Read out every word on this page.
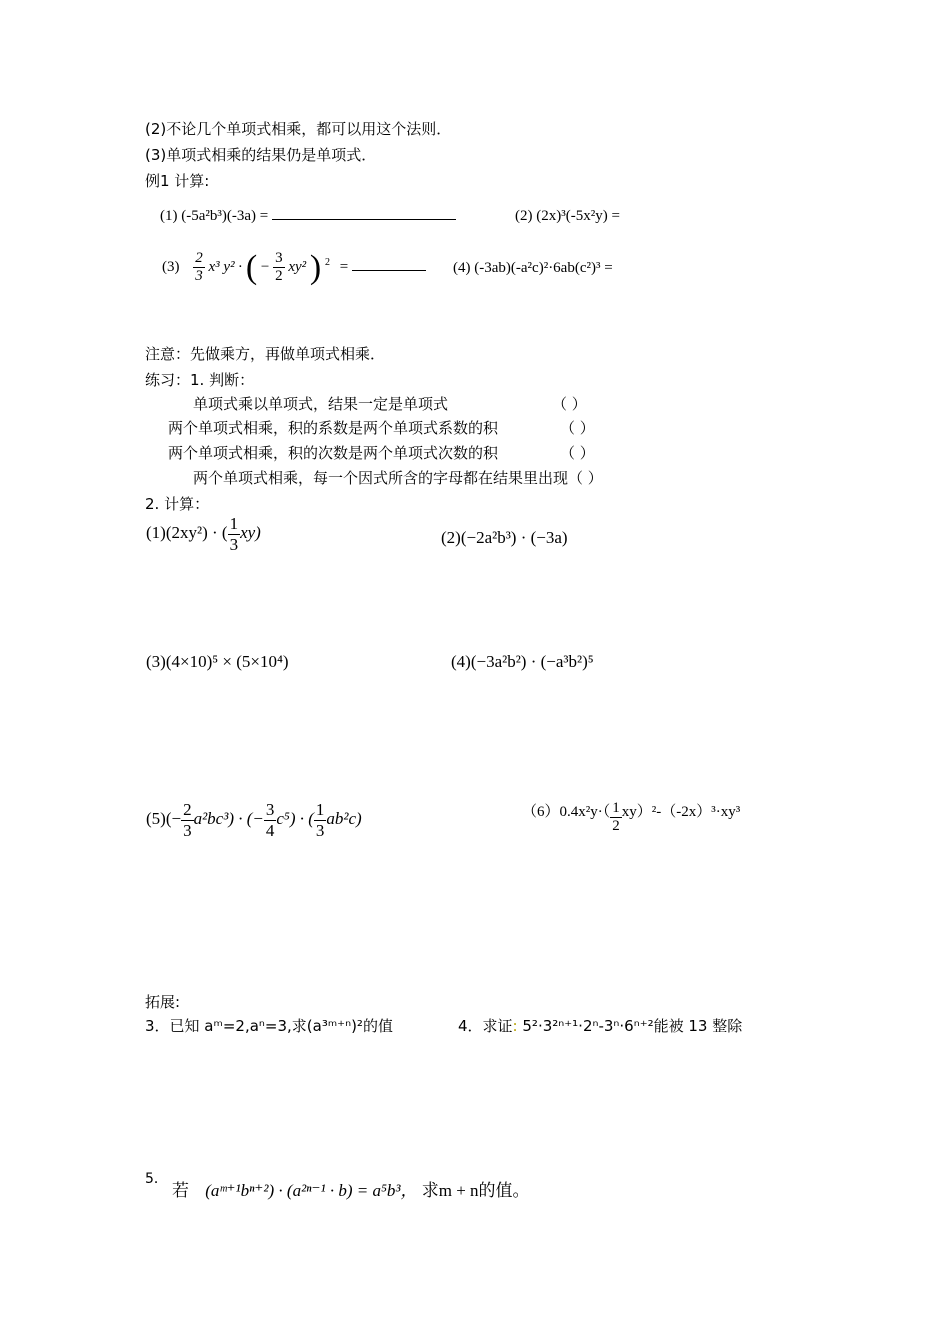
(2)不论几个单项式相乘，都可以用这个法则．
(3)单项式相乘的结果仍是单项式．
例1 计算:
(1) (-5a²b³)(-3a) =	(2) (2x)³(-5x²y) =
$(3) \frac{2}{3} x^3$ y² · ( − $\frac{3}{2} xy^2$ ) $^2$ =	(4) (-3ab)(-a²c)²·6ab(c²)³ =
注意：先做乘方，再做单项式相乘．
练习：1. 判断：
单项式乘以单项式，结果一定是单项式	（ ）
两个单项式相乘，积的系数是两个单项式系数的积	（ ）
两个单项式相乘，积的次数是两个单项式次数的积	（ ）
两个单项式相乘，每一个因式所含的字母都在结果里出现（ ）
2. 计算：
(1)(2xy²) · ( $\frac{1}{3} xy$)	(2)(−2a²b³) · (−3a)
(3)(4×10)⁵ × (5×10⁴)	(4)(−3a²b²) · (−a³b²)⁵
$(5)(- \frac{2}{3} a^2bc^3)$ · (− $\frac{3}{4} c^5$) · ( $\frac{1}{3} ab^2c$)	$(6)0.4x^2y\cdot( \frac{1}{2} xy)^2-(-2x)^3\cdot xy^3$
拓展:
3．已知 aᵐ=2,aⁿ=3,求(a³ᵐ⁺ⁿ)²的值	4．求证: 5²·3²ⁿ⁺¹·2ⁿ-3ⁿ·6ⁿ⁺²能被 13 整除
5．
若 (aᵐ⁺¹bⁿ⁺²) · (a²ⁿ⁻¹ · b) = a⁵b³， 求m + n的值。
